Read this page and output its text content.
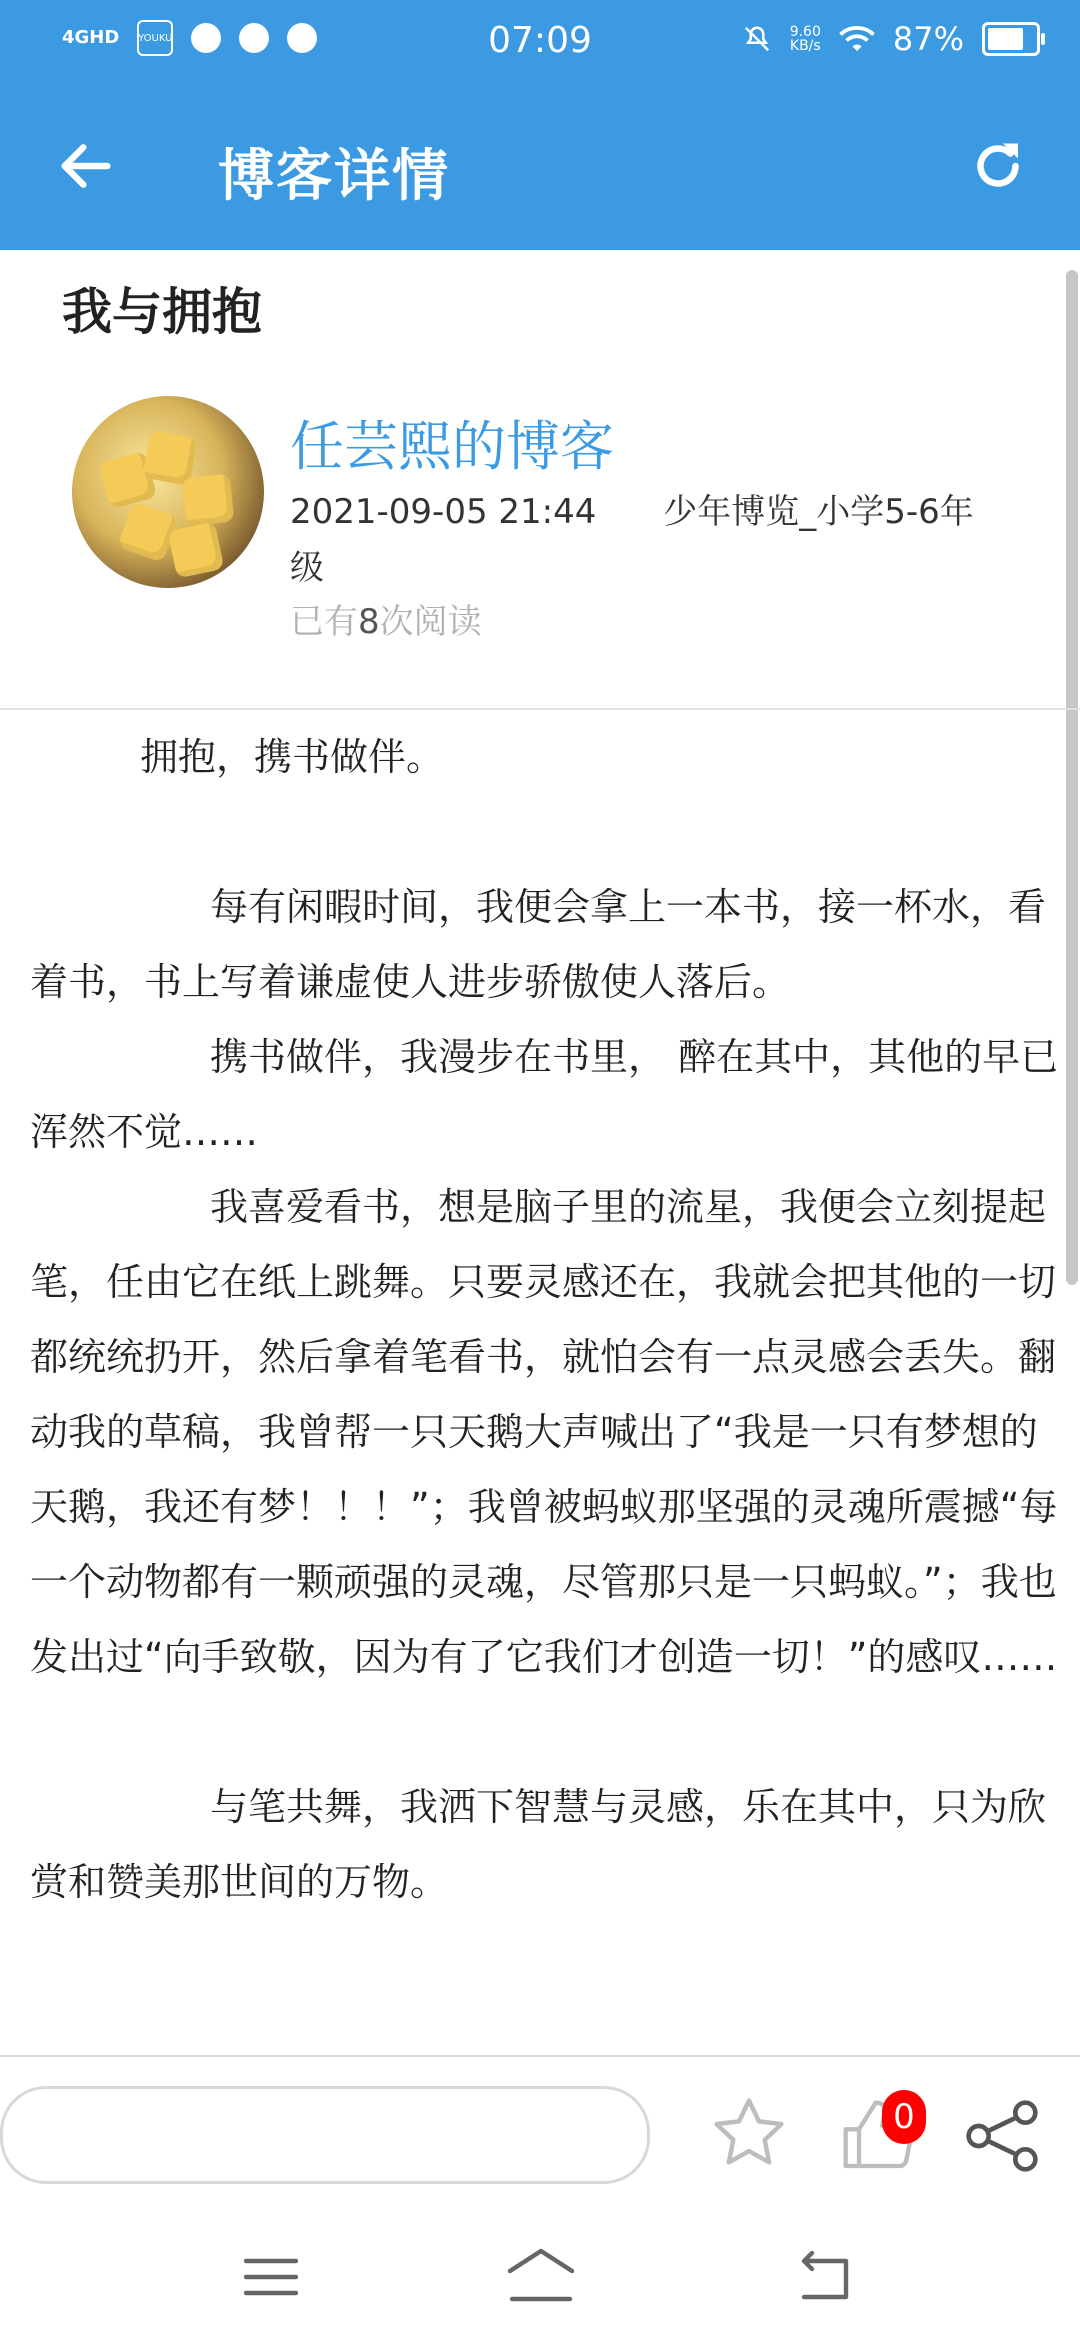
4GHD YOUKU	07:09	9.60
KB/s 87%
博客详情
我与拥抱
任芸熙的博客
2021-09-05 21:44 少年博览_小学5-6年级
已有8次阅读

拥抱，携书做伴。

每有闲暇时间，我便会拿上一本书，接一杯水，看着书，书上写着谦虚使人进步骄傲使人落后。

携书做伴，我漫步在书里， 醉在其中，其他的早已浑然不觉……

我喜爱看书，想是脑子里的流星，我便会立刻提起笔，任由它在纸上跳舞。只要灵感还在，我就会把其他的一切都统统扔开，然后拿着笔看书，就怕会有一点灵感会丢失。翻动我的草稿，我曾帮一只天鹅大声喊出了“我是一只有梦想的天鹅，我还有梦！！！”；我曾被蚂蚁那坚强的灵魂所震撼“每一个动物都有一颗顽强的灵魂，尽管那只是一只蚂蚁。”；我也发出过“向手致敬，因为有了它我们才创造一切！”的感叹……

与笔共舞，我洒下智慧与灵感，乐在其中，只为欣赏和赞美那世间的万物。

0
